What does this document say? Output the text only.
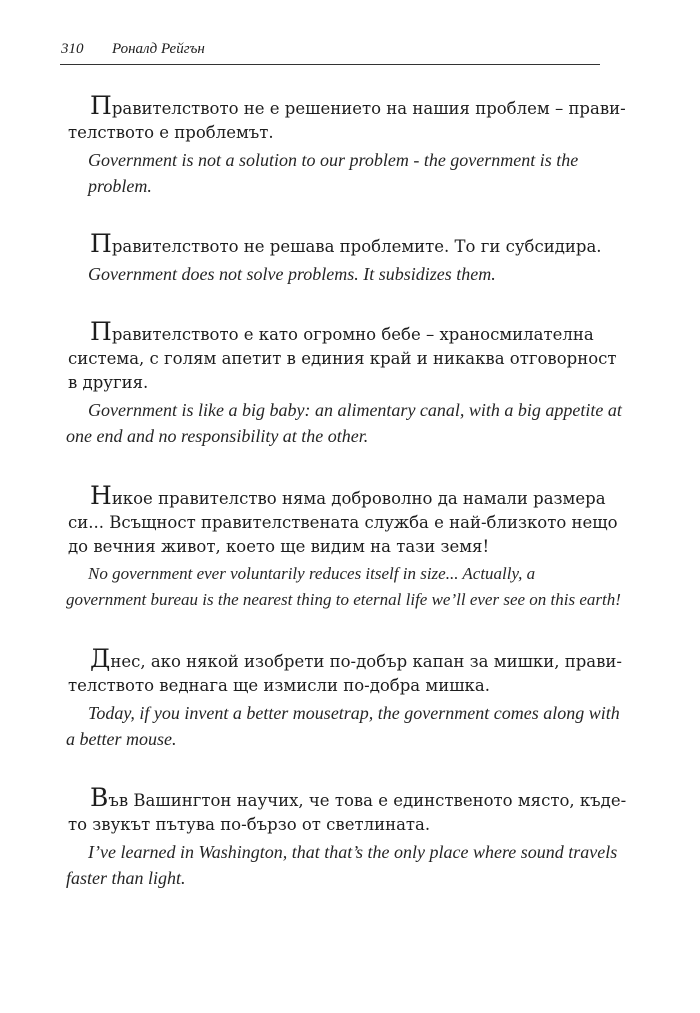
310 Роналд Рейгън

Правителството не е решението на нашия проблем – прави-
телството е проблемът.

Government is not a solution to our problem - the government is the
problem.

Правителството не решава проблемите. То ги субсидира.

Government does not solve problems. It subsidizes them.

Правителството е като огромно бебе – храносмилателна
система, с голям апетит в единия край и никаква отговорност
в другия.

Government is like a big baby: an alimentary canal, with a big appetite at
one end and no responsibility at the other.

Никое правителство няма доброволно да намали размера
си... Всъщност правителствената служба е най-близкото нещо
до вечния живот, което ще видим на тази земя!

No government ever voluntarily reduces itself in size... Actually, a
government bureau is the nearest thing to eternal life we’ll ever see on this earth!

Днес, ако някой изобрети по-добър капан за мишки, прави-
телството веднага ще измисли по-добра мишка.

Today, if you invent a better mousetrap, the government comes along with
a better mouse.

Във Вашингтон научих, че това е единственото място, къде-
то звукът пътува по-бързо от светлината.

I’ve learned in Washington, that that’s the only place where sound travels
faster than light.
